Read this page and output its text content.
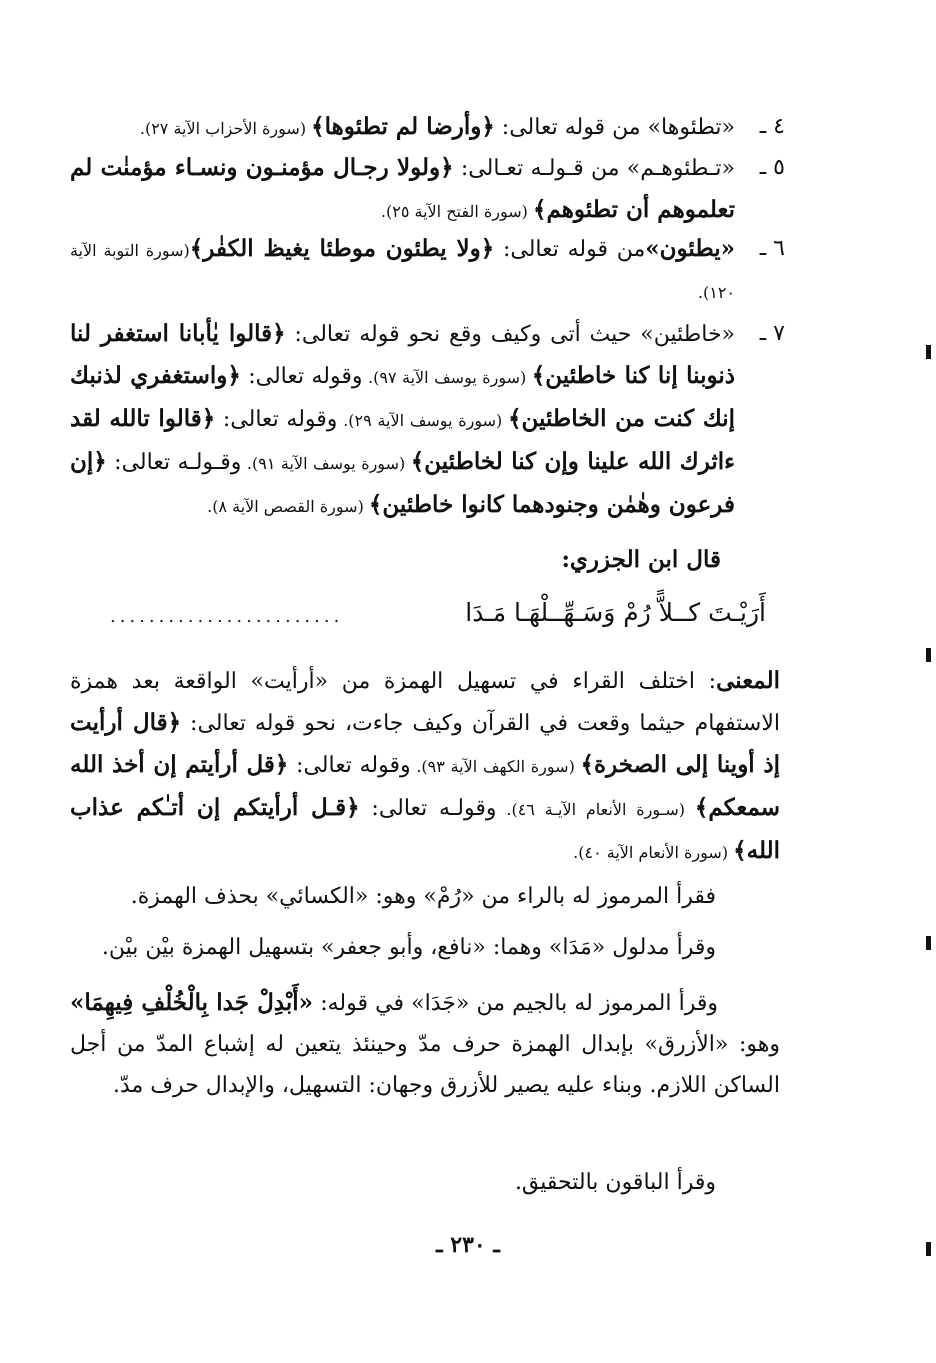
٤ ـ
«تطئوها» من قوله تعالى: ﴿وأرضا لم تطئوها﴾ (سورة الأحزاب الآية ٢٧).
٥ ـ
«تـطئوهـم» من قـولـه تعـالى: ﴿ولولا رجـال مؤمنـون ونسـاء مؤمنٰت لم تعلموهم أن تطئوهم﴾ (سورة الفتح الآية ٢٥).
٦ ـ
«يطئون»من قوله تعالى: ﴿ولا يطئون موطئا يغيظ الكفٰر﴾(سورة التوبة الآية ١٢٠).
٧ ـ
«خاطئين» حيث أتى وكيف وقع نحو قوله تعالى: ﴿قالوا يٰأبانا استغفر لنا ذنوبنا إنا كنا خاطئين﴾ (سورة يوسف الآية ٩٧). وقوله تعالى: ﴿واستغفري لذنبك إنك كنت من الخاطئين﴾ (سورة يوسف الآية ٢٩). وقوله تعالى: ﴿قالوا تالله لقد ءاثرك الله علينا وإن كنا لخاطئين﴾ (سورة يوسف الآية ٩١). وقـولـه تعالى: ﴿إن فرعون وهٰمٰن وجنودهما كانوا خاطئين﴾ (سورة القصص الآية ٨).
قال ابن الجزري:
أَرَيْـتَ كــلاًّ رُمْ وَسَـهِّــلْهَـا مَـدَا
........................
المعنى: اختلف القراء في تسهيل الهمزة من «أرأيت» الواقعة بعد همزة الاستفهام حيثما وقعت في القرآن وكيف جاءت، نحو قوله تعالى: ﴿قال أرأيت إذ أوينا إلى الصخرة﴾ (سورة الكهف الآية ٩٣). وقوله تعالى: ﴿قل أرأيتم إن أخذ الله سمعكم﴾ (سـورة الأنعام الآيـة ٤٦). وقولـه تعالى: ﴿قـل أرأيتكم إن أتـٰكم عذاب الله﴾ (سورة الأنعام الآية ٤٠).
فقرأ المرموز له بالراء من «رُمْ» وهو: «الكسائي» بحذف الهمزة.
وقرأ مدلول «مَدَا» وهما: «نافع، وأبو جعفر» بتسهيل الهمزة بيْن بيْن.
وقرأ المرموز له بالجيم من «جَدَا» في قوله: «أَبْدِلْ جَدا بِالْخُلْفِ فِيهِمَا» وهو: «الأزرق» بإبدال الهمزة حرف مدّ وحينئذ يتعين له إشباع المدّ من أجل الساكن اللازم. وبناء عليه يصير للأزرق وجهان: التسهيل، والإبدال حرف مدّ.
وقرأ الباقون بالتحقيق.
ـ ٢٣٠ ـ
